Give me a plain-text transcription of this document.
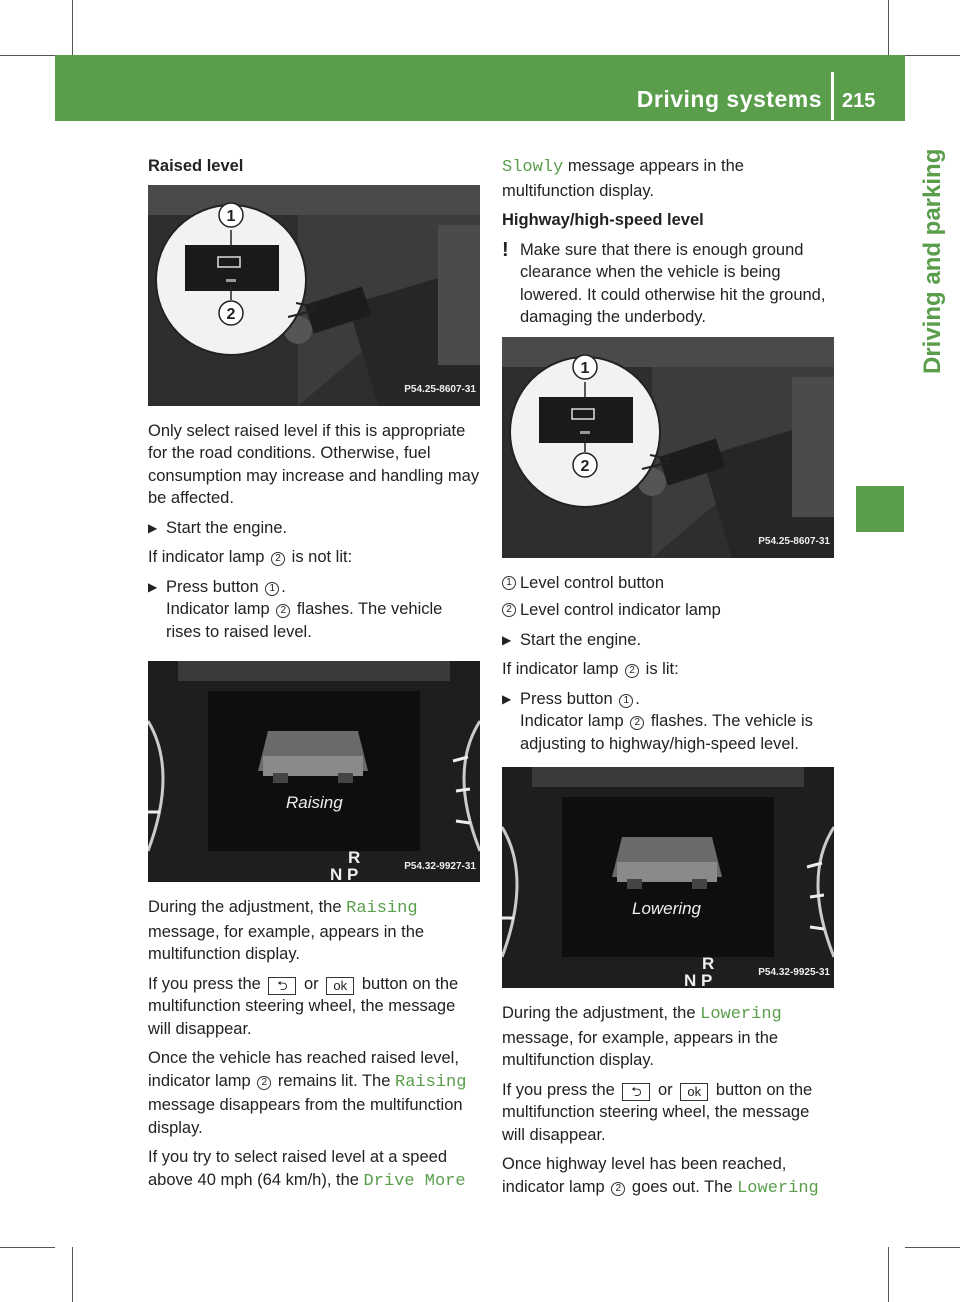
Driving systems 215
Driving and parking
Raised level
1
2
P54.25-8607-31

Only select raised level if this is appropriate for the road conditions. Otherwise, fuel consumption may increase and handling may be affected.

▶ Start the engine.

If indicator lamp 2 is not lit:

▶ Press button 1 .
Indicator lamp 2 flashes. The vehicle rises to raised level.
Raising
R
N P	P54.32-9927-31

During the adjustment, the Raising message, for example, appears in the multifunction display.

If you press the ⮌ or ok button on the multifunction steering wheel, the message will disappear.

Once the vehicle has reached raised level, indicator lamp 2 remains lit. The Raising message disappears from the multifunction display.

If you try to select raised level at a speed above 40 mph (64 km/h), the Drive More

Slowly message appears in the multifunction display.

Highway/high-speed level
! Make sure that there is enough ground clearance when the vehicle is being lowered. It could otherwise hit the ground, damaging the underbody.
1
2
P54.25-8607-31
1 Level control button
2 Level control indicator lamp
▶ Start the engine.

If indicator lamp 2 is lit:

▶ Press button 1 .
Indicator lamp 2 flashes. The vehicle is adjusting to highway/high-speed level.
Lowering
R
N P	P54.32-9925-31

During the adjustment, the Lowering message, for example, appears in the multifunction display.

If you press the ⮌ or ok button on the multifunction steering wheel, the message will disappear.

Once highway level has been reached, indicator lamp 2 goes out. The Lowering
